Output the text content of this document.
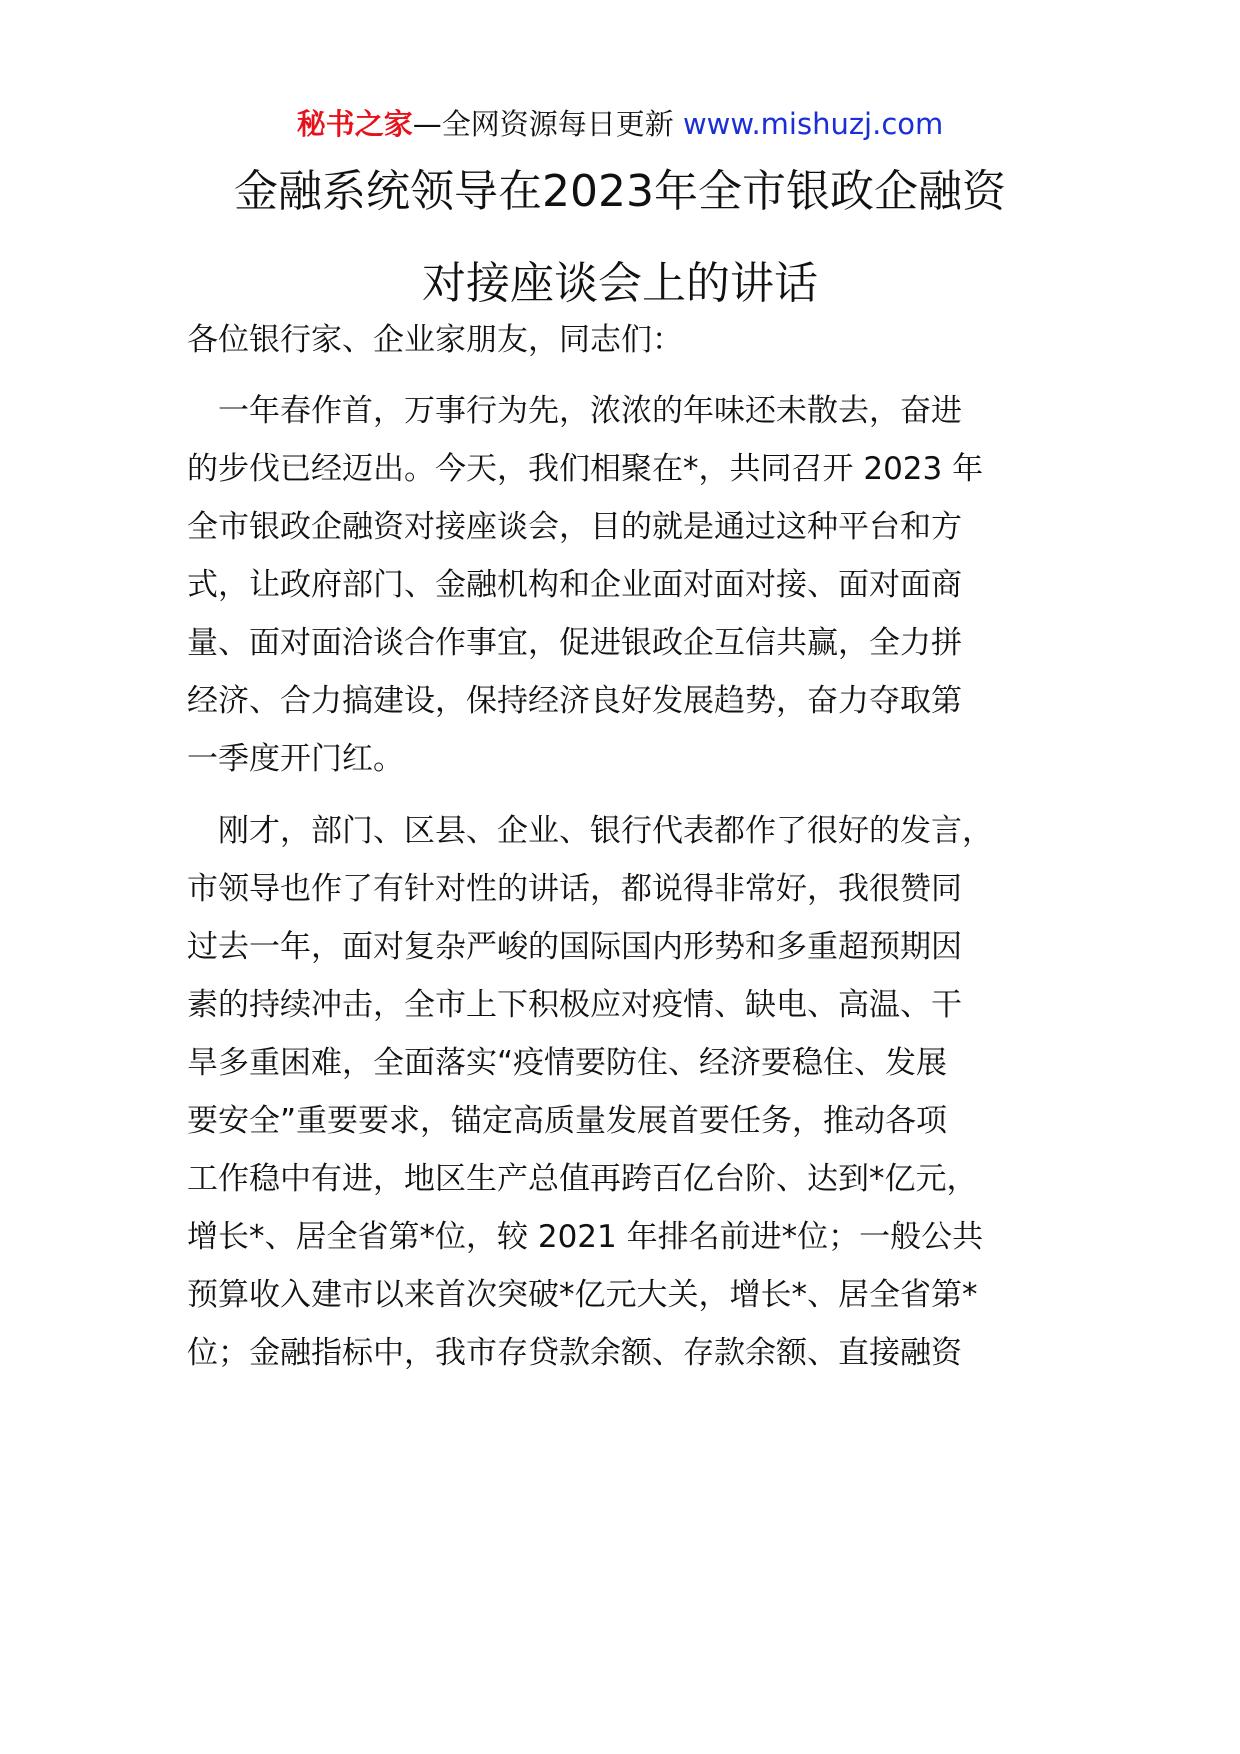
秘书之家—全网资源每日更新 www.mishuzj.com
金融系统领导在2023年全市银政企融资
对接座谈会上的讲话
各位银行家、企业家朋友，同志们：
　一年春作首，万事行为先，浓浓的年味还未散去，奋进
的步伐已经迈出。今天，我们相聚在*，共同召开 2023 年
全市银政企融资对接座谈会，目的就是通过这种平台和方
式，让政府部门、金融机构和企业面对面对接、面对面商
量、面对面洽谈合作事宜，促进银政企互信共赢，全力拼
经济、合力搞建设，保持经济良好发展趋势，奋力夺取第
一季度开门红。
　刚才，部门、区县、企业、银行代表都作了很好的发言，
市领导也作了有针对性的讲话，都说得非常好，我很赞同
过去一年，面对复杂严峻的国际国内形势和多重超预期因
素的持续冲击，全市上下积极应对疫情、缺电、高温、干
旱多重困难，全面落实“疫情要防住、经济要稳住、发展
要安全”重要要求，锚定高质量发展首要任务，推动各项
工作稳中有进，地区生产总值再跨百亿台阶、达到*亿元，
增长*、居全省第*位，较 2021 年排名前进*位；一般公共
预算收入建市以来首次突破*亿元大关，增长*、居全省第*
位；金融指标中，我市存贷款余额、存款余额、直接融资
